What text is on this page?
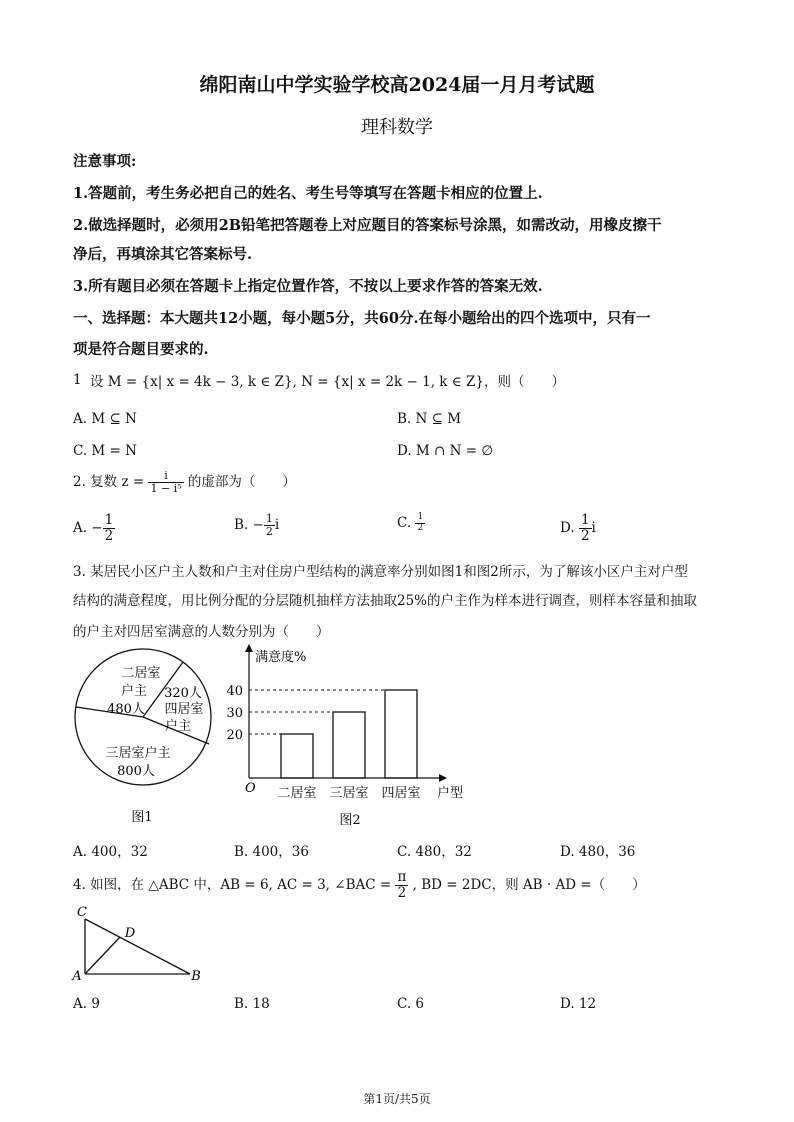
绵阳南山中学实验学校高2024届一月月考试题
理科数学
注意事项:
1.答题前，考生务必把自己的姓名、考生号等填写在答题卡相应的位置上.
2.做选择题时，必须用2B铅笔把答题卷上对应题目的答案标号涂黑，如需改动，用橡皮擦干
净后，再填涂其它答案标号.
3.所有题目必须在答题卡上指定位置作答，不按以上要求作答的答案无效.
一、选择题：本大题共12小题，每小题5分，共60分.在每小题给出的四个选项中，只有一
项是符合题目要求的.
1 设 M = {x| x = 4k − 3, k ∈ Z}, N = {x| x = 2k − 1, k ∈ Z}，则（　　）
A. M ⊆ N	B. N ⊆ M
C. M = N	D. M ∩ N = ∅
2. 复数 $z = \frac{i}{\text{1 − i⁵}}$ 的虚部为（　　）
A. − $\frac{1}{2}$	B. − $\frac{1}{2}$ i	C. $\frac{1}{2}$	D. $\frac{1}{2}$ i
3. 某居民小区户主人数和户主对住房户型结构的满意率分别如图1和图2所示，为了解该小区户主对户型
结构的满意程度，用比例分配的分层随机抽样方法抽取25%的户主作为样本进行调查，则样本容量和抽取
的户主对四居室满意的人数分别为（　　）
二居室
户主
480人
320人
四居室
户主
三居室户主
800人
图1
满意度%
户型
O
图2
20
二居室
30
三居室
40
四居室
A. 400，32	B. 400，36	C. 480，32	D. 480，36
4. 如图，在 △ABC 中，AB = 6, AC = 3, ∠BAC = $\frac{\pi}{2}$ , BD = 2DC，则 AB · AD =（　　）
C
D
A	B
A. 9	B. 18	C. 6	D. 12
第1页/共5页
